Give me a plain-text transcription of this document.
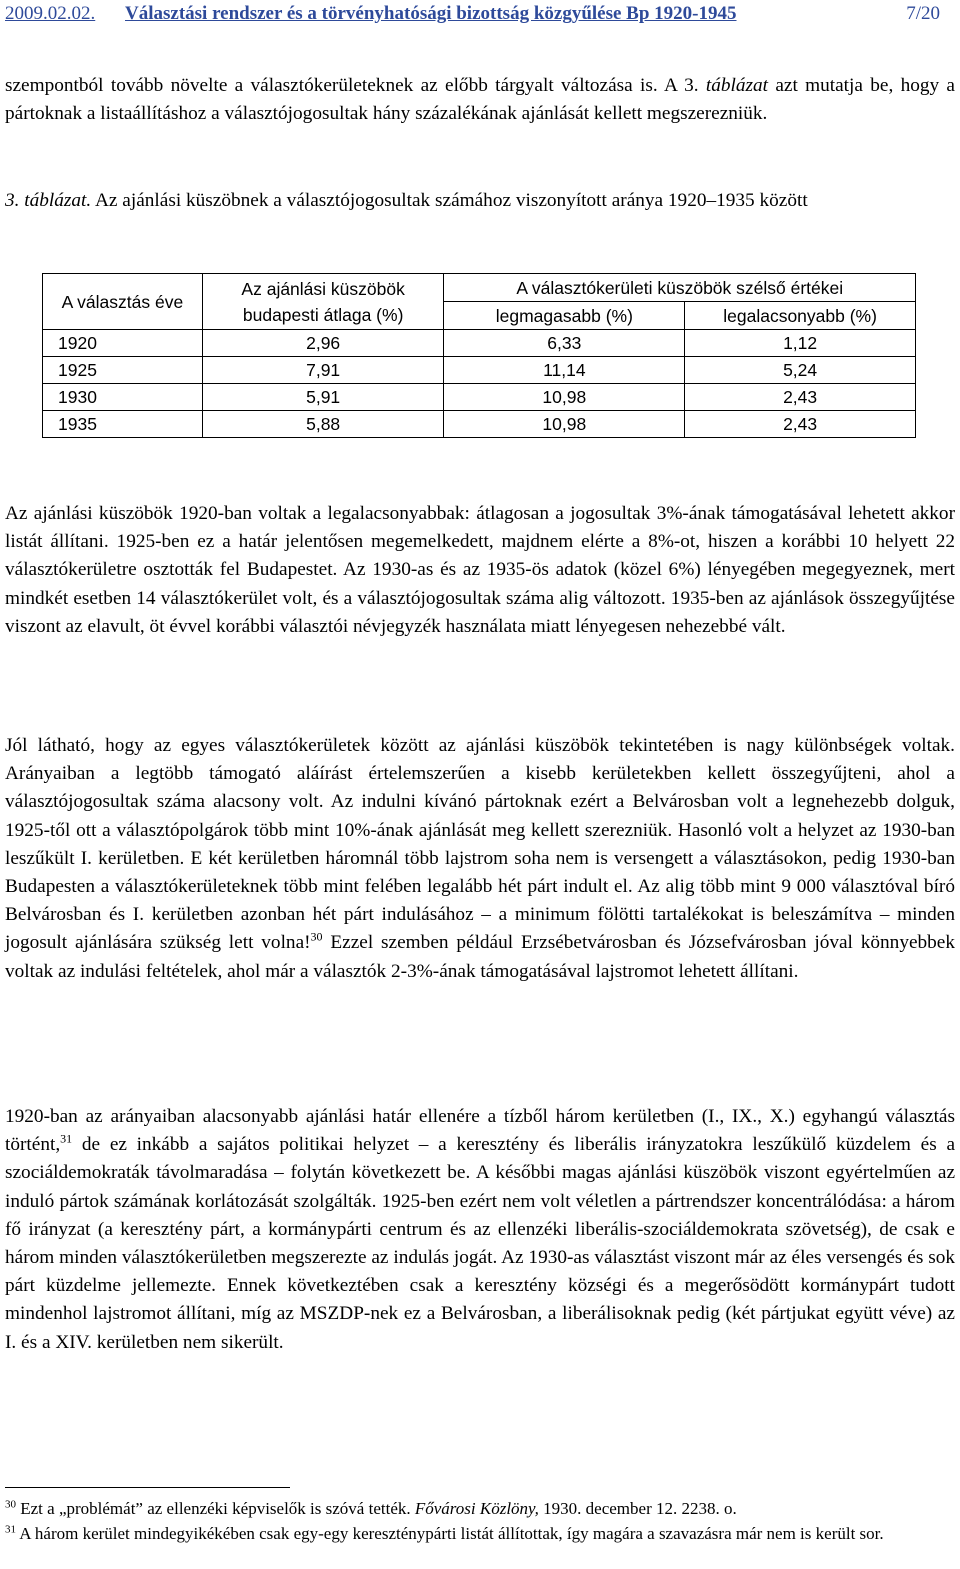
2009.02.02. Választási rendszer és a törvényhatósági bizottság közgyűlése Bp 1920-1945	7/20
szempontból tovább növelte a választókerületeknek az előbb tárgyalt változása is. A 3. táblázat azt mutatja be, hogy a pártoknak a listaállításhoz a választójogosultak hány százalékának ajánlását kellett megszerezniük.
3. táblázat. Az ajánlási küszöbnek a választójogosultak számához viszonyított aránya 1920–1935 között
A választás éve	Az ajánlási küszöbök budapesti átlaga (%)	A választókerületi küszöbök szélső értékei	
		legmagasabb (%)	legalacsonyabb (%)
1920	2,96	6,33	1,12
1925	7,91	11,14	5,24
1930	5,91	10,98	2,43
1935	5,88	10,98	2,43
Az ajánlási küszöbök 1920-ban voltak a legalacsonyabbak: átlagosan a jogosultak 3%-ának támogatásával lehetett akkor listát állítani. 1925-ben ez a határ jelentősen megemelkedett, majdnem elérte a 8%-ot, hiszen a korábbi 10 helyett 22 választókerületre osztották fel Budapestet. Az 1930-as és az 1935-ös adatok (közel 6%) lényegében megegyeznek, mert mindkét esetben 14 választókerület volt, és a választójogosultak száma alig változott. 1935-ben az ajánlások összegyűjtése viszont az elavult, öt évvel korábbi választói névjegyzék használata miatt lényegesen nehezebbé vált.
Jól látható, hogy az egyes választókerületek között az ajánlási küszöbök tekintetében is nagy különbségek voltak. Arányaiban a legtöbb támogató aláírást értelemszerűen a kisebb kerületekben kellett összegyűjteni, ahol a választójogosultak száma alacsony volt. Az indulni kívánó pártoknak ezért a Belvárosban volt a legnehezebb dolguk, 1925-től ott a választópolgárok több mint 10%-ának ajánlását meg kellett szerezniük. Hasonló volt a helyzet az 1930-ban leszűkült I. kerületben. E két kerületben háromnál több lajstrom soha nem is versengett a választásokon, pedig 1930-ban Budapesten a választókerületeknek több mint felében legalább hét párt indult el. Az alig több mint 9 000 választóval bíró Belvárosban és I. kerületben azonban hét párt indulásához – a minimum fölötti tartalékokat is beleszámítva – minden jogosult ajánlására szükség lett volna!$^{30}$ Ezzel szemben például Erzsébetvárosban és Józsefvárosban jóval könnyebbek voltak az indulási feltételek, ahol már a választók 2-3%-ának támogatásával lajstromot lehetett állítani.
1920-ban az arányaiban alacsonyabb ajánlási határ ellenére a tízből három kerületben (I., IX., X.) egyhangú választás történt,$^{31}$ de ez inkább a sajátos politikai helyzet – a keresztény és liberális irányzatokra leszűkülő küzdelem és a szociáldemokraták távolmaradása – folytán következett be. A későbbi magas ajánlási küszöbök viszont egyértelműen az induló pártok számának korlátozását szolgálták. 1925-ben ezért nem volt véletlen a pártrendszer koncentrálódása: a három fő irányzat (a keresztény párt, a kormánypárti centrum és az ellenzéki liberális-szociáldemokrata szövetség), de csak e három minden választókerületben megszerezte az indulás jogát. Az 1930-as választást viszont már az éles versengés és sok párt küzdelme jellemezte. Ennek következtében csak a keresztény községi és a megerősödött kormánypárt tudott mindenhol lajstromot állítani, míg az MSZDP-nek ez a Belvárosban, a liberálisoknak pedig (két pártjukat együtt véve) az I. és a XIV. kerületben nem sikerült.
$^{30}$ Ezt a „problémát” az ellenzéki képviselők is szóvá tették. Fővárosi Közlöny, 1930. december 12. 2238. o.
$^{31}$ A három kerület mindegyikékében csak egy-egy kereszténypárti listát állítottak, így magára a szavazásra már nem is került sor.
